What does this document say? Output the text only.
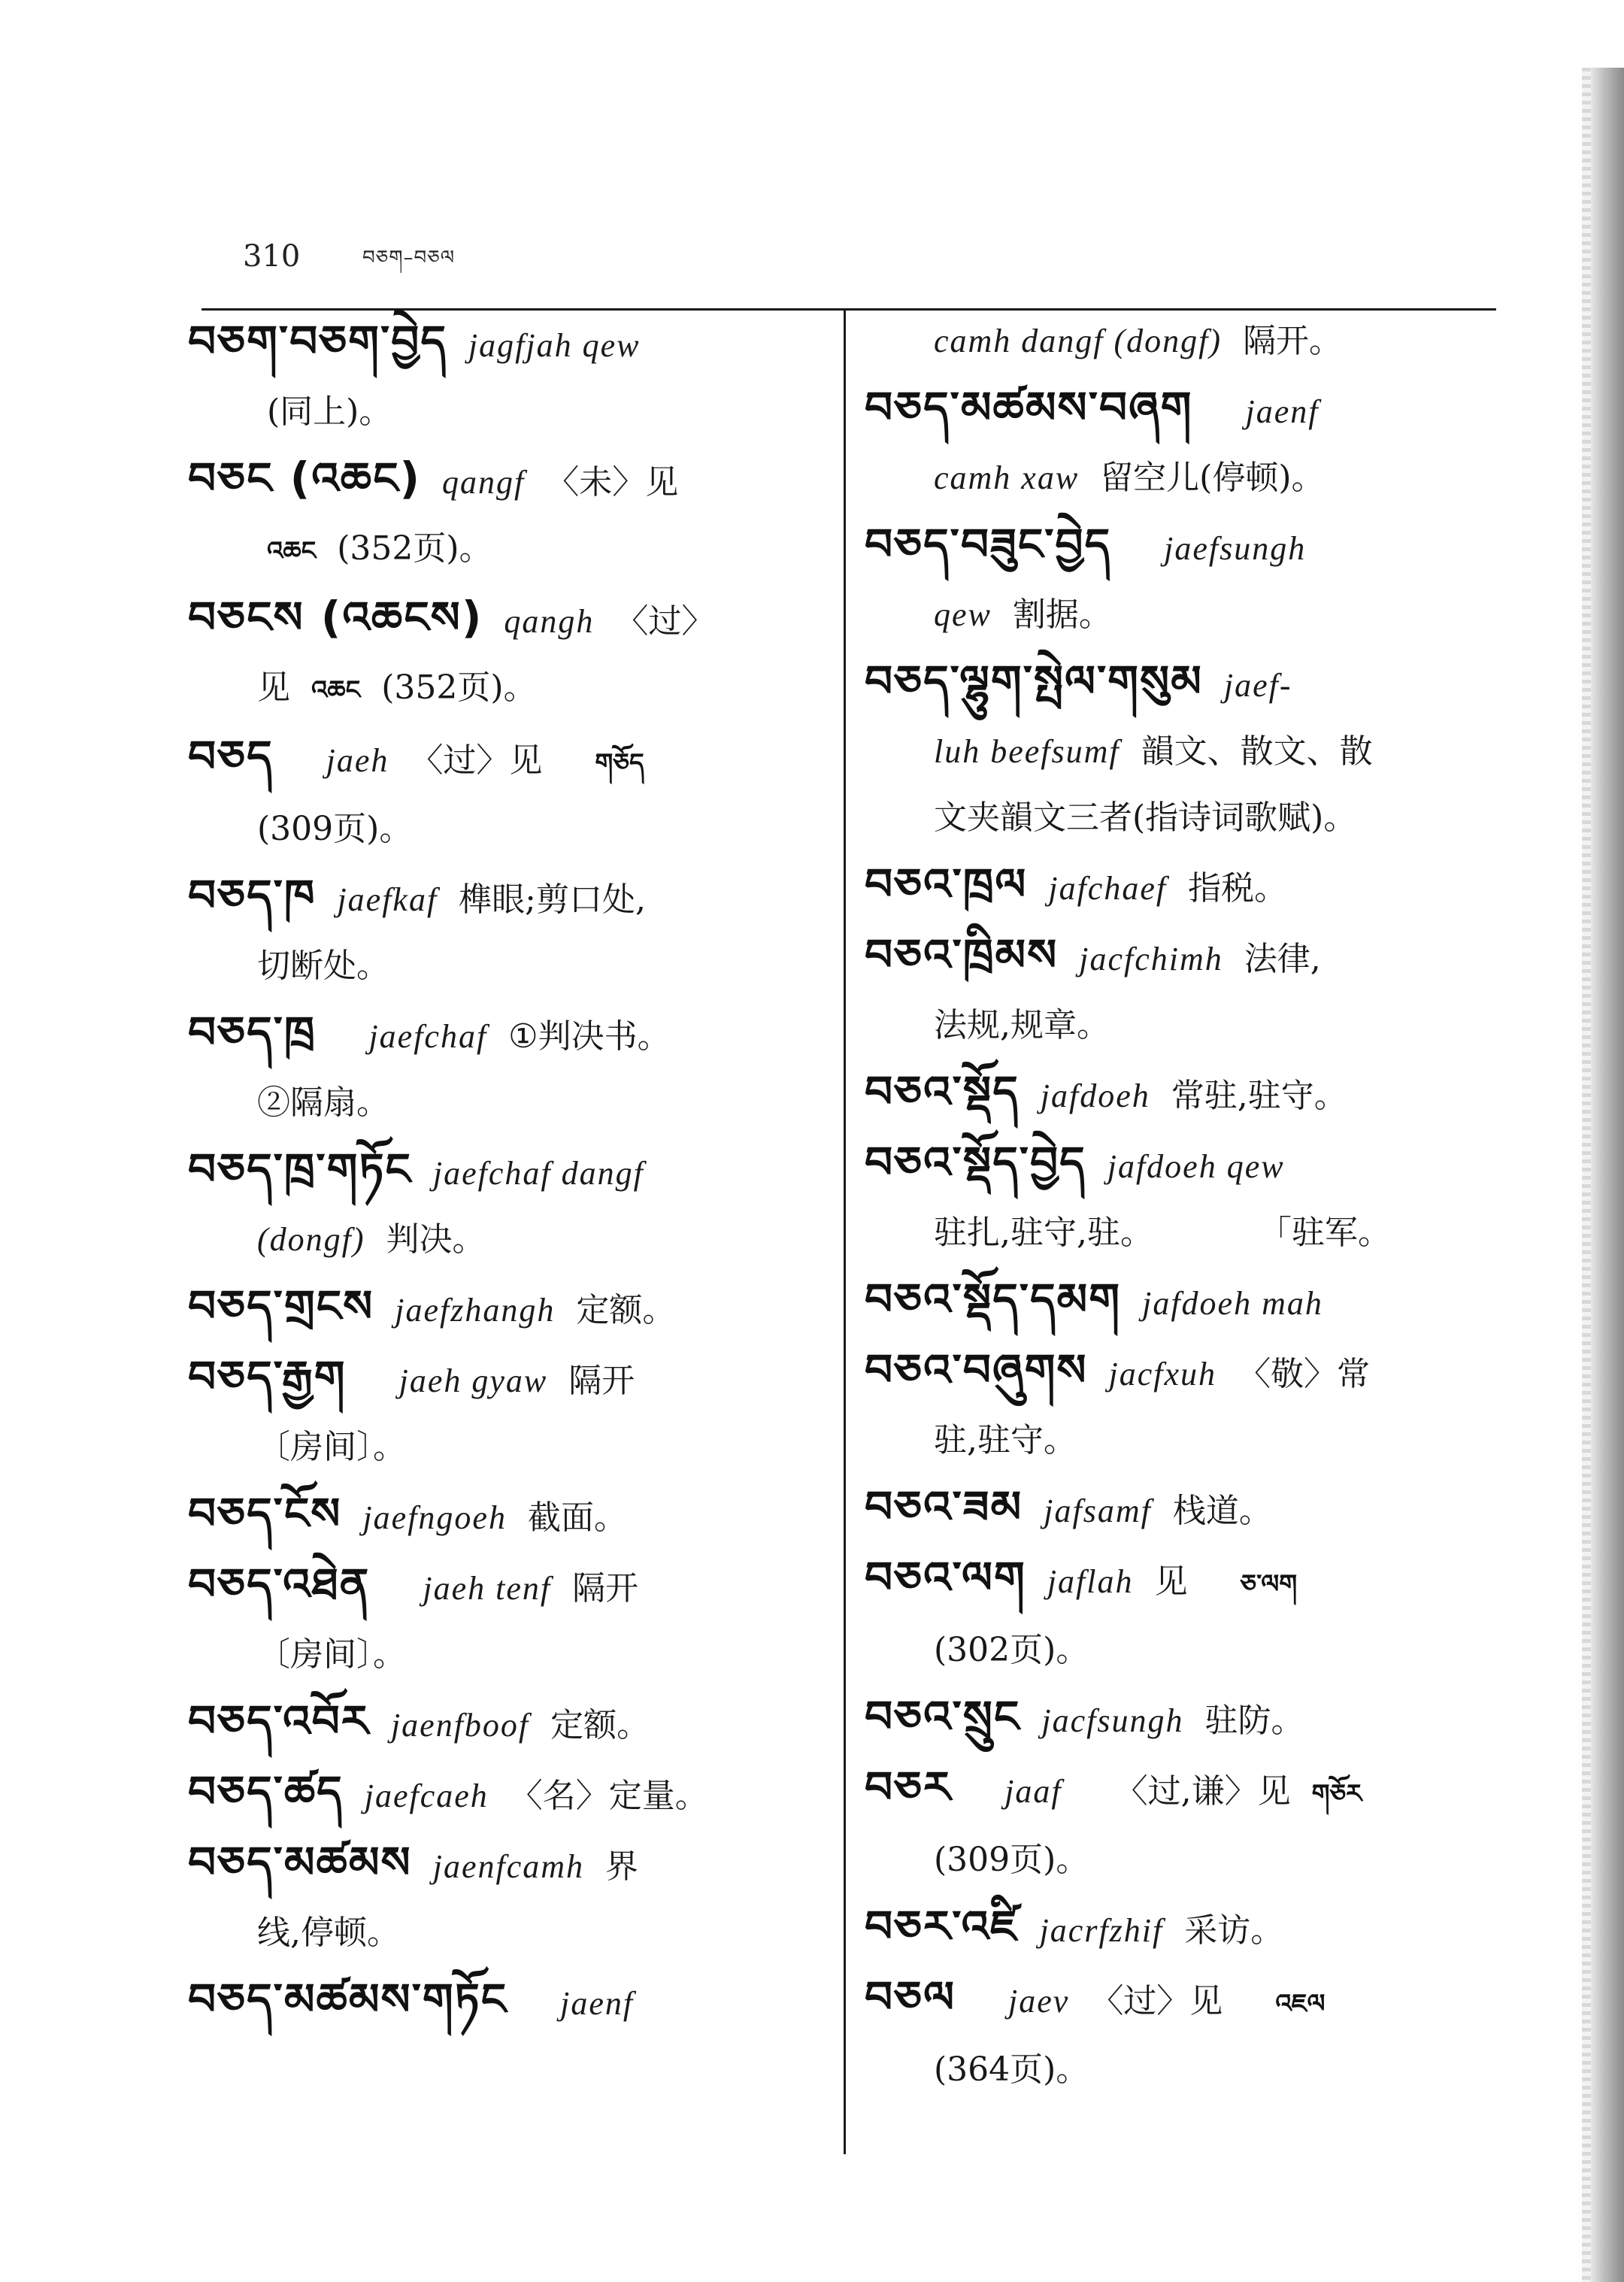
310	བཅག–བཅལ
བཅག་བཅག་བྱེད jagfjah qew
(同上)。
བཅང (འཆང) qangf 〈未〉见
འཆང (352页)。
བཅངས (འཆངས) qangh 〈过〉
见 འཆང (352页)。
བཅད jaeh 〈过〉见 གཅོད
(309页)。
བཅད་ཁ jaefkaf 榫眼;剪口处,
切断处。
བཅད་ཁྲ jaefchaf ①判决书。
②隔扇。
བཅད་ཁྲ་གཏོང jaefchaf dangf
(dongf) 判决。
བཅད་གྲངས jaefzhangh 定额。
བཅད་རྒྱག jaeh gyaw 隔开
〔房间〕。
བཅད་ངོས jaefngoeh 截面。
བཅད་འཐེན jaeh tenf 隔开
〔房间〕。
བཅད་འབོར jaenfboof 定额。
བཅད་ཚད jaefcaeh 〈名〉定量。
བཅད་མཚམས jaenfcamh 界
线,停顿。
བཅད་མཚམས་གཏོང jaenf
camh dangf (dongf) 隔开。
བཅད་མཚམས་བཞག jaenf
camh xaw 留空儿(停顿)。
བཅད་བཟུང་བྱེད jaefsungh
qew 割据。
བཅད་ལྷུག་སྤེལ་གསུམ jaef-
luh beefsumf 韻文、散文、散
文夹韻文三者(指诗词歌赋)。
བཅའ་ཁྲལ jafchaef 指税。
བཅའ་ཁྲིམས jacfchimh 法律,
法规,规章。
བཅའ་སྡོད jafdoeh 常驻,驻守。
བཅའ་སྡོད་བྱེད jafdoeh qew
驻扎,驻守,驻。	「驻军。
བཅའ་སྡོད་དམག jafdoeh mah
བཅའ་བཞུགས jacfxuh 〈敬〉常
驻,驻守。
བཅའ་ཟམ jafsamf 栈道。
བཅའ་ལག jaflah 见 ཅ་ལག
(302页)。
བཅའ་སྲུང jacfsungh 驻防。
བཅར jaaf 〈过,谦〉见 གཅོར
(309页)。
བཅར་འཛི jacrfzhif 采访。
བཅལ jaev 〈过〉见 འཇལ
(364页)。
